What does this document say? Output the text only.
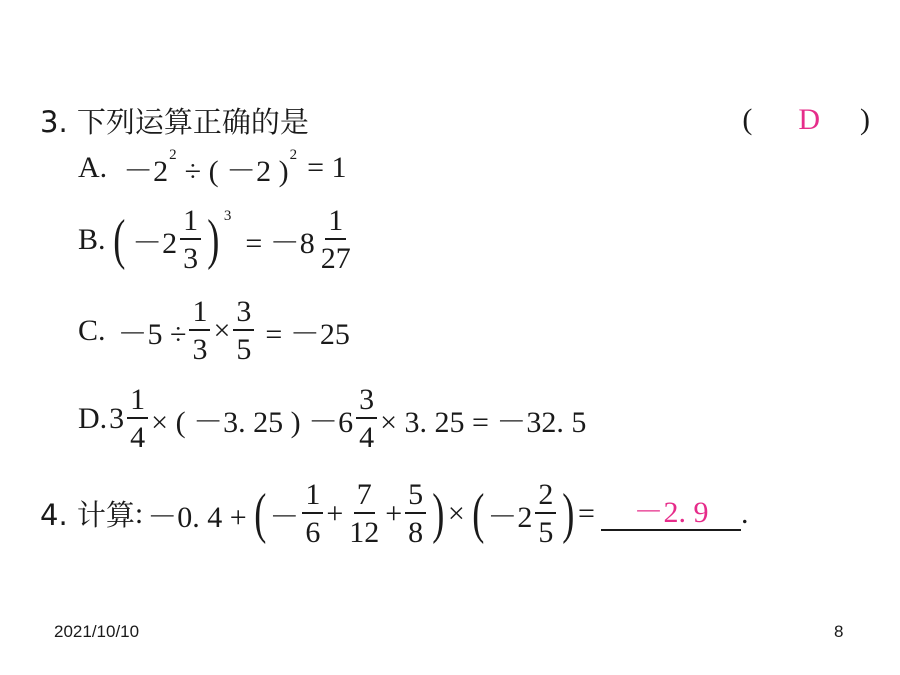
3. 下列运算正确的是	( D )
A. －2
2
÷ ( －2 )
2 = 1
B. ( $-2 \frac{1}{3}$ ) 3
= $-8 \frac{1}{27}$
C. $-5 \div \frac{1}{3} \times \frac{3}{5} = -25$
D. $3 \frac{1}{4}$ × ( －3. 25 ) $-6 \frac{3}{4} \times 3$. 25 = －32. 5
4. 计算 : －0. 4 + ( － $\frac{1}{6} + \frac{7}{12} + \frac{5}{8}$ ) × ( $-2 \frac{2}{5}$ ) =	－2. 9	.
2021/10/10	8
